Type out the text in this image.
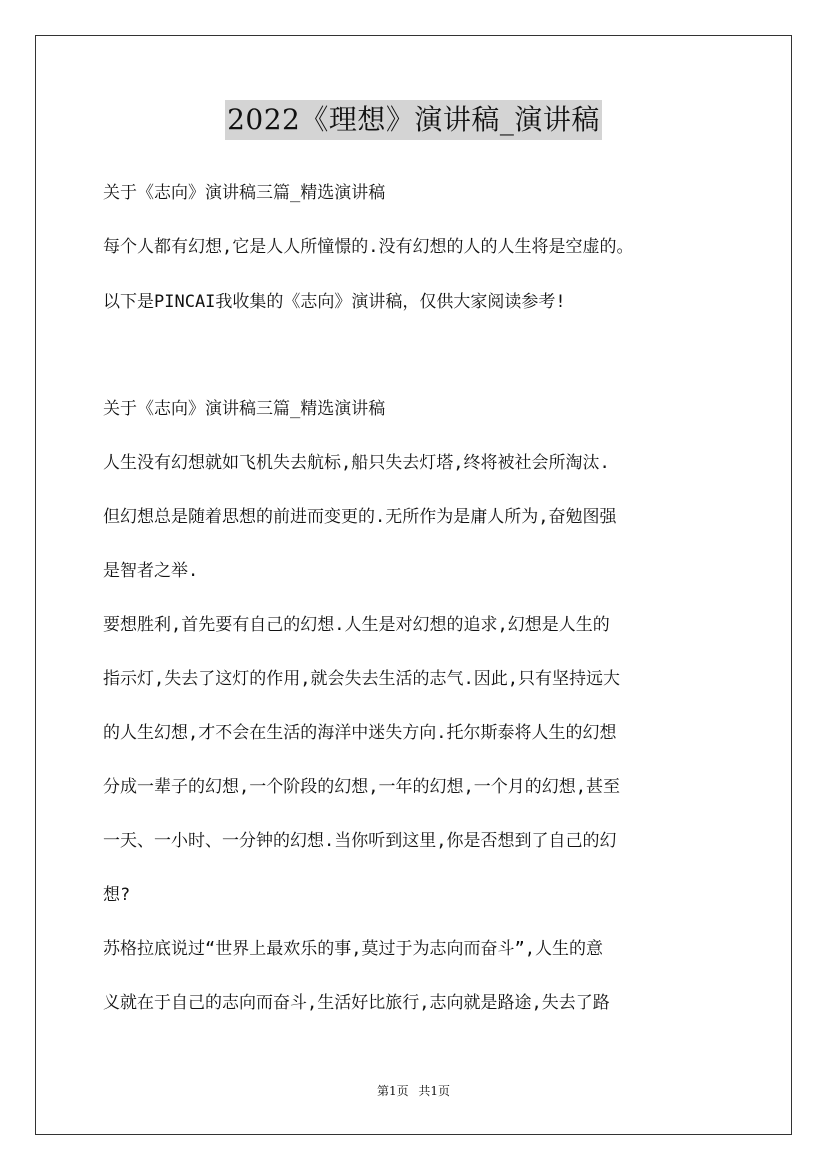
2022《理想》演讲稿_演讲稿
关于《志向》演讲稿三篇_精选演讲稿
每个人都有幻想,它是人人所憧憬的.没有幻想的人的人生将是空虚的。
以下是PINCAI我收集的《志向》演讲稿，仅供大家阅读参考!
关于《志向》演讲稿三篇_精选演讲稿
人生没有幻想就如飞机失去航标,船只失去灯塔,终将被社会所淘汰.
但幻想总是随着思想的前进而变更的.无所作为是庸人所为,奋勉图强
是智者之举.
要想胜利,首先要有自己的幻想.人生是对幻想的追求,幻想是人生的
指示灯,失去了这灯的作用,就会失去生活的志气.因此,只有坚持远大
的人生幻想,才不会在生活的海洋中迷失方向.托尔斯泰将人生的幻想
分成一辈子的幻想,一个阶段的幻想,一年的幻想,一个月的幻想,甚至
一天、一小时、一分钟的幻想.当你听到这里,你是否想到了自己的幻
想?
苏格拉底说过“世界上最欢乐的事,莫过于为志向而奋斗”,人生的意
义就在于自己的志向而奋斗,生活好比旅行,志向就是路途,失去了路
第1页 共1页
